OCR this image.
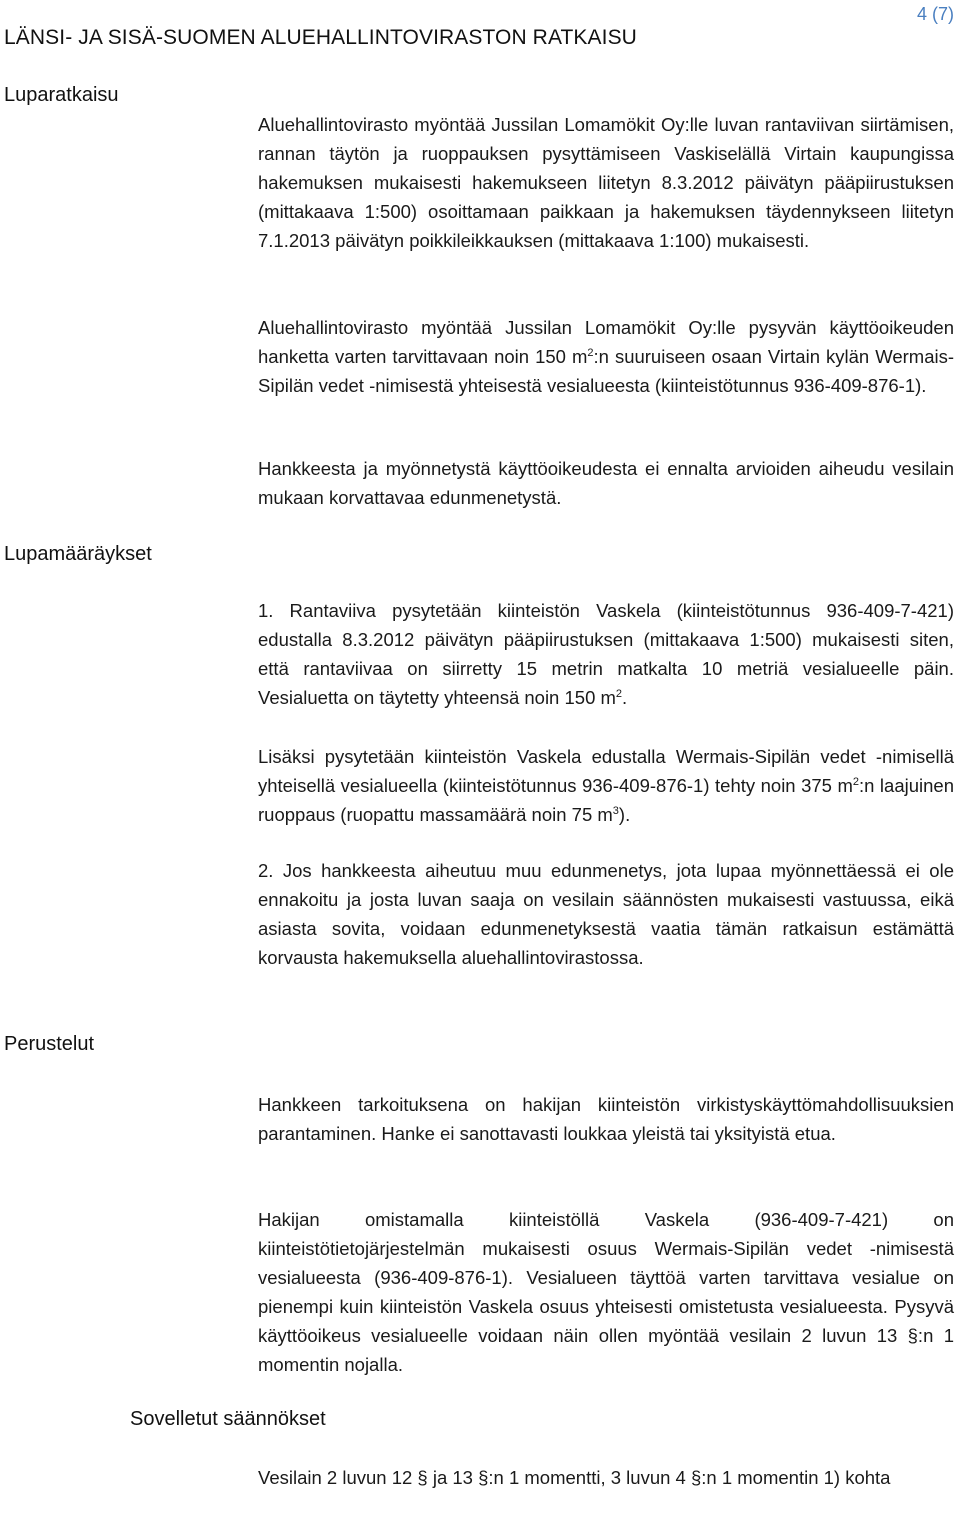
4 (7)
LÄNSI- JA SISÄ-SUOMEN ALUEHALLINTOVIRASTON RATKAISU
Luparatkaisu

Aluehallintovirasto myöntää Jussilan Lomamökit Oy:lle luvan rantaviivan siirtämisen, rannan täytön ja ruoppauksen pysyttämiseen Vaskiselällä Virtain kaupungissa hakemuksen mukaisesti hakemukseen liitetyn 8.3.2012 päivätyn pääpiirustuksen (mittakaava 1:500) osoittamaan paikkaan ja hakemuksen täydennykseen liitetyn 7.1.2013 päivätyn poikkileikkauksen (mittakaava 1:100) mukaisesti.

Aluehallintovirasto myöntää Jussilan Lomamökit Oy:lle pysyvän käyttöoikeuden hanketta varten tarvittavaan noin 150 $m^2:n$ suuruiseen osaan Virtain kylän Wermais-Sipilän vedet -nimisestä yhteisestä vesialueesta (kiinteistötunnus 936-409-876-1).

Hankkeesta ja myönnetystä käyttöoikeudesta ei ennalta arvioiden aiheudu vesilain mukaan korvattavaa edunmenetystä.

Lupamääräykset

1. Rantaviiva pysytetään kiinteistön Vaskela (kiinteistötunnus 936-409-7-421) edustalla 8.3.2012 päivätyn pääpiirustuksen (mittakaava 1:500) mukaisesti siten, että rantaviivaa on siirretty 15 metrin matkalta 10 metriä vesialueelle päin. Vesialuetta on täytetty yhteensä noin 150 $m^2$.

Lisäksi pysytetään kiinteistön Vaskela edustalla Wermais-Sipilän vedet -nimisellä yhteisellä vesialueella (kiinteistötunnus 936-409-876-1) tehty noin 375 $m^2:n$ laajuinen ruoppaus (ruopattu massamäärä noin 75 $m^3$).

2. Jos hankkeesta aiheutuu muu edunmenetys, jota lupaa myönnettäessä ei ole ennakoitu ja josta luvan saaja on vesilain säännösten mukaisesti vastuussa, eikä asiasta sovita, voidaan edunmenetyksestä vaatia tämän ratkaisun estämättä korvausta hakemuksella aluehallintovirastossa.

Perustelut

Hankkeen tarkoituksena on hakijan kiinteistön virkistyskäyttömahdollisuuksien parantaminen. Hanke ei sanottavasti loukkaa yleistä tai yksityistä etua.

Hakijan omistamalla kiinteistöllä Vaskela (936-409-7-421) on kiinteistötietojärjestelmän mukaisesti osuus Wermais-Sipilän vedet -nimisestä vesialueesta (936-409-876-1). Vesialueen täyttöä varten tarvittava vesialue on pienempi kuin kiinteistön Vaskela osuus yhteisesti omistetusta vesialueesta. Pysyvä käyttöoikeus vesialueelle voidaan näin ollen myöntää vesilain 2 luvun 13 §:n 1 momentin nojalla.

Sovelletut säännökset

Vesilain 2 luvun 12 § ja 13 §:n 1 momentti, 3 luvun 4 §:n 1 momentin 1) kohta
